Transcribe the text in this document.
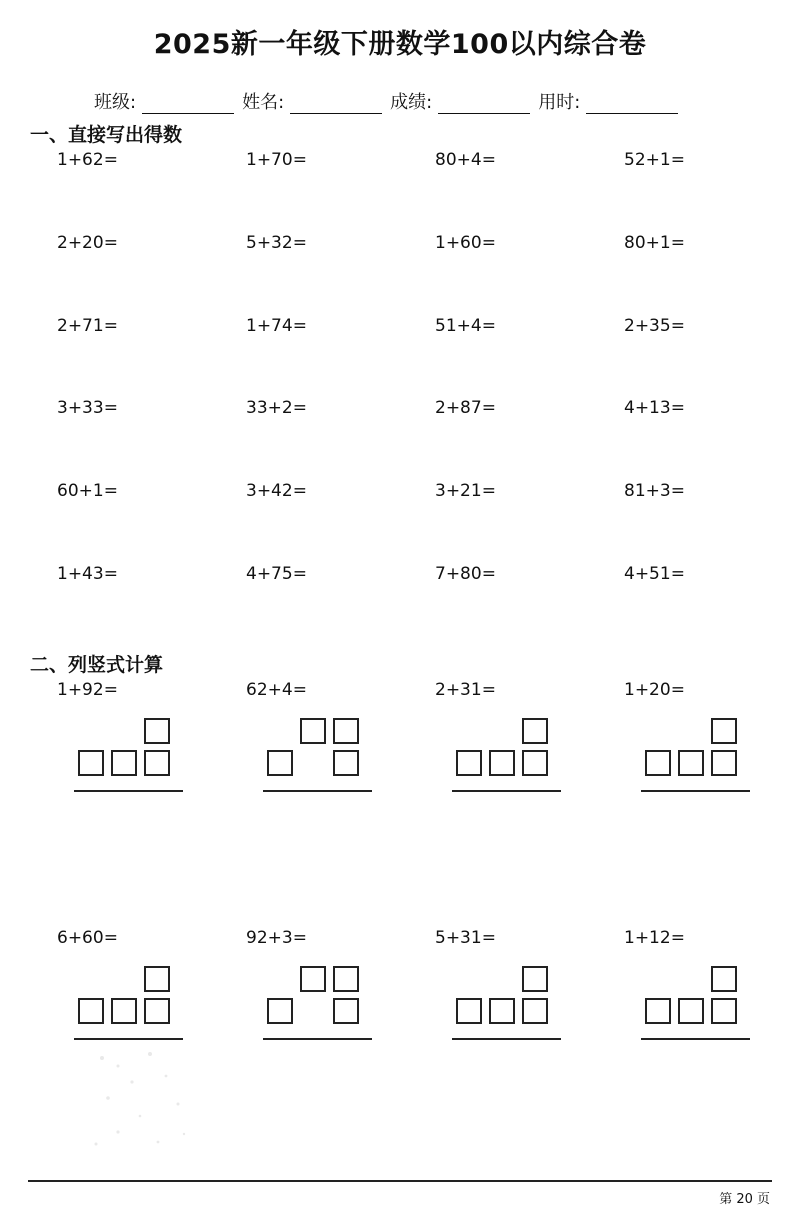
2025新一年级下册数学100以内综合卷
班级:	姓名:	成绩:	用时:
一、直接写出得数
1+62=	1+70=	80+4=	52+1=
2+20=	5+32=	1+60=	80+1=
2+71=	1+74=	51+4=	2+35=
3+33=	33+2=	2+87=	4+13=
60+1=	3+42=	3+21=	81+3=
1+43=	4+75=	7+80=	4+51=
二、列竖式计算
1+92=	62+4=	2+31=	1+20=
6+60=	92+3=	5+31=	1+12=
第 20 页
